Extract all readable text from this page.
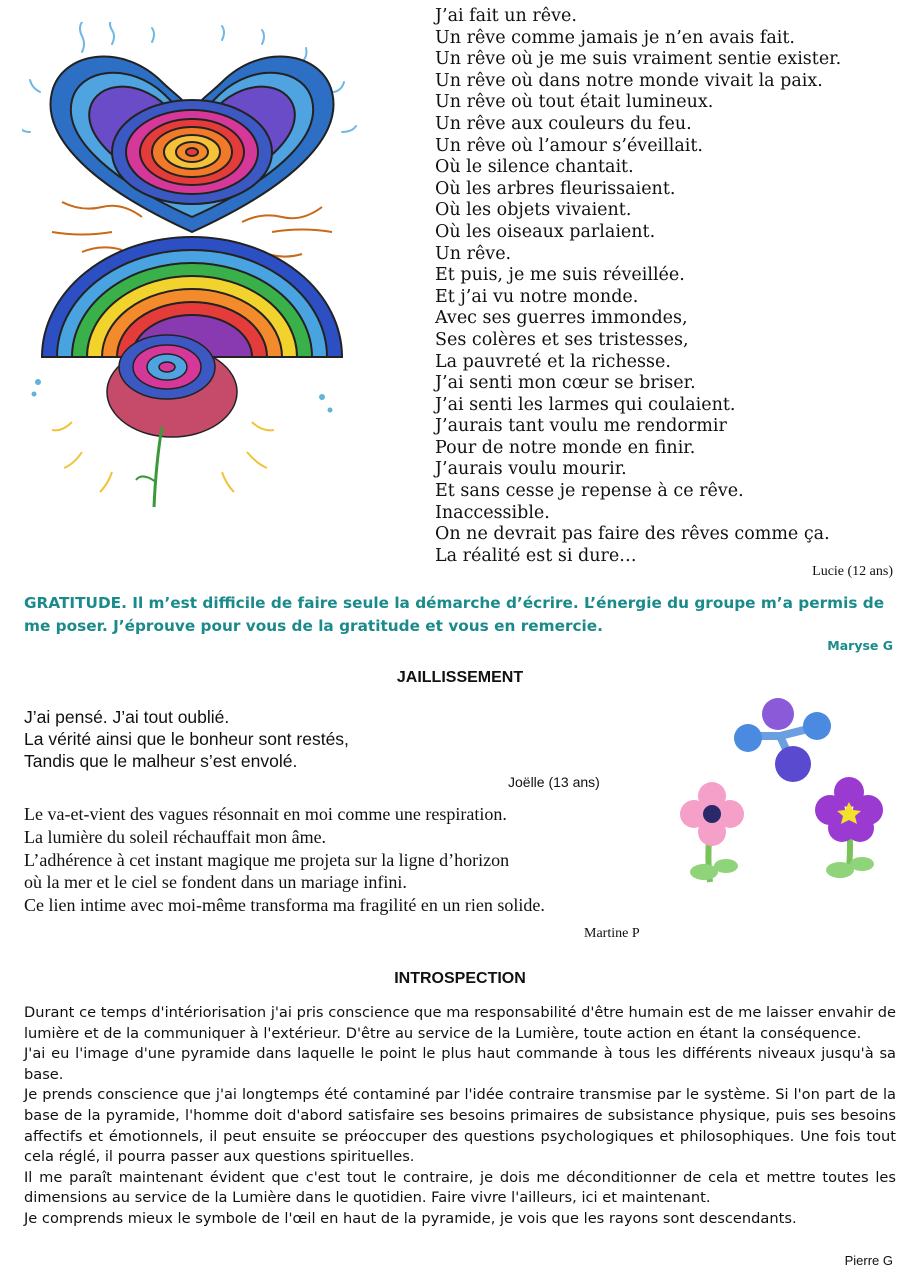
J’ai fait un rêve.
Un rêve comme jamais je n’en avais fait.
Un rêve où je me suis vraiment sentie exister.
Un rêve où dans notre monde vivait la paix.
Un rêve où tout était lumineux.
Un rêve aux couleurs du feu.
Un rêve où l’amour s’éveillait.
Où le silence chantait.
Où les arbres fleurissaient.
Où les objets vivaient.
Où les oiseaux parlaient.
Un rêve.
Et puis, je me suis réveillée.
Et j’ai vu notre monde.
Avec ses guerres immondes,
Ses colères et ses tristesses,
La pauvreté et la richesse.
J’ai senti mon cœur se briser.
J’ai senti les larmes qui coulaient.
J’aurais tant voulu me rendormir
Pour de notre monde en finir.
J’aurais voulu mourir.
Et sans cesse je repense à ce rêve.
Inaccessible.
On ne devrait pas faire des rêves comme ça.
La réalité est si dure…
Lucie (12 ans)
GRATITUDE. Il m’est difficile de faire seule la démarche d’écrire. L’énergie du groupe m’a permis de me poser. J’éprouve pour vous de la gratitude et vous en remercie.
Maryse G
JAILLISSEMENT
J’ai pensé. J’ai tout oublié.
La vérité ainsi que le bonheur sont restés,
Tandis que le malheur s’est envolé.
Joëlle (13 ans)
Le va-et-vient des vagues résonnait en moi comme une respiration.
La lumière du soleil réchauffait mon âme.
L’adhérence à cet instant magique me projeta sur la ligne d’horizon
où la mer et le ciel se fondent dans un mariage infini.
Ce lien intime avec moi-même transforma ma fragilité en un rien solide.
Martine P
INTROSPECTION

Durant ce temps d'intériorisation j'ai pris conscience que ma responsabilité d'être humain est de me laisser envahir de lumière et de la communiquer à l'extérieur. D'être au service de la Lumière, toute action en étant la conséquence.

J'ai eu l'image d'une pyramide dans laquelle le point le plus haut commande à tous les différents niveaux jusqu'à sa base.

Je prends conscience que j'ai longtemps été contaminé par l'idée contraire transmise par le système. Si l'on part de la base de la pyramide, l'homme doit d'abord satisfaire ses besoins primaires de subsistance physique, puis ses besoins affectifs et émotionnels, il peut ensuite se préoccuper des questions psychologiques et philosophiques. Une fois tout cela réglé, il pourra passer aux questions spirituelles.

Il me paraît maintenant évident que c'est tout le contraire, je dois me déconditionner de cela et mettre toutes les dimensions au service de la Lumière dans le quotidien. Faire vivre l'ailleurs, ici et maintenant.

Je comprends mieux le symbole de l'œil en haut de la pyramide, je vois que les rayons sont descendants.

Pierre G
